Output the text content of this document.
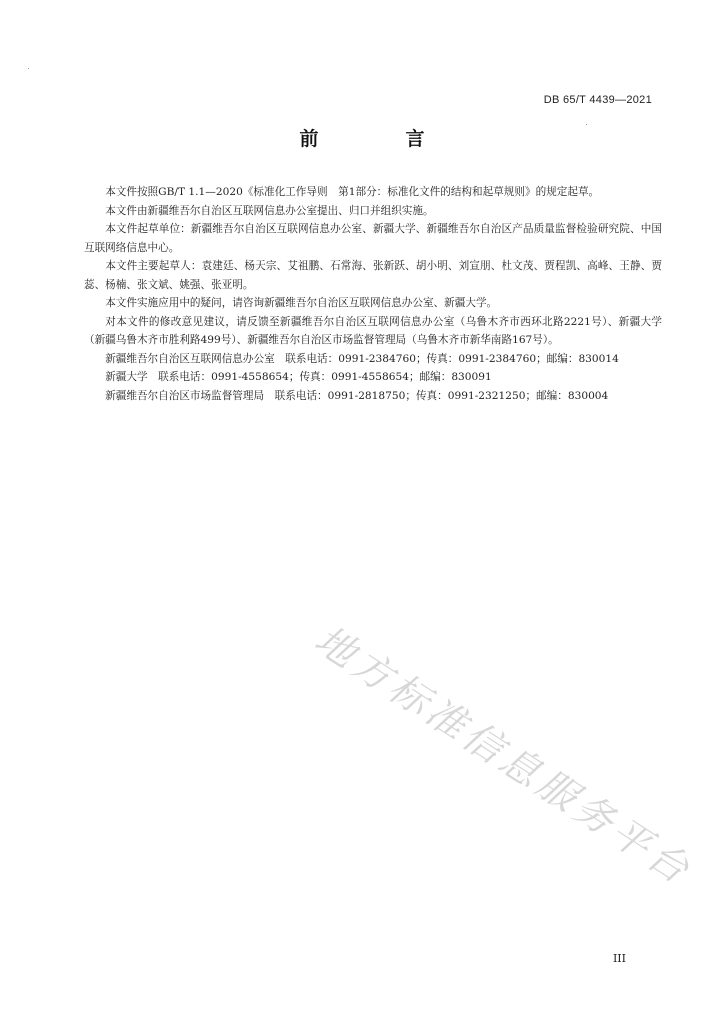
DB 65/T 4439—2021
前　言

本文件按照GB/T 1.1—2020《标准化工作导则　第1部分：标准化文件的结构和起草规则》的规定起草。

本文件由新疆维吾尔自治区互联网信息办公室提出、归口并组织实施。

本文件起草单位：新疆维吾尔自治区互联网信息办公室、新疆大学、新疆维吾尔自治区产品质量监督检验研究院、中国互联网络信息中心。

本文件主要起草人：袁建廷、杨天宗、艾祖鹏、石常海、张新跃、胡小明、刘宣朋、杜文茂、贾程凯、高峰、王静、贾蕊、杨楠、张文斌、姚强、张亚明。

本文件实施应用中的疑问，请咨询新疆维吾尔自治区互联网信息办公室、新疆大学。

对本文件的修改意见建议，请反馈至新疆维吾尔自治区互联网信息办公室（乌鲁木齐市西环北路2221号）、新疆大学（新疆乌鲁木齐市胜利路499号）、新疆维吾尔自治区市场监督管理局（乌鲁木齐市新华南路167号）。

新疆维吾尔自治区互联网信息办公室　联系电话：0991-2384760；传真：0991-2384760；邮编：830014

新疆大学　联系电话：0991-4558654；传真：0991-4558654；邮编：830091

新疆维吾尔自治区市场监督管理局　联系电话：0991-2818750；传真：0991-2321250；邮编：830004

地方标准信息服务平台
III
